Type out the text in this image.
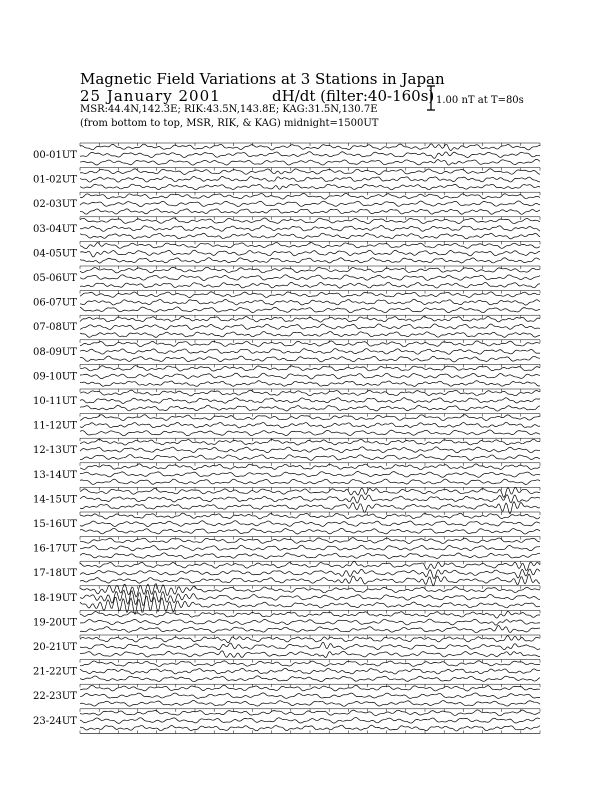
Magnetic Field Variations at 3 Stations in Japan
25 January 2001	dH/dt (filter:40-160s)
MSR:44.4N,142.3E; RIK:43.5N,143.8E; KAG:31.5N,130.7E
(from bottom to top, MSR, RIK, & KAG) midnight=1500UT
1.00 nT at T=80s
00-01UT
01-02UT
02-03UT
03-04UT
04-05UT
05-06UT
06-07UT
07-08UT
08-09UT
09-10UT
10-11UT
11-12UT
12-13UT
13-14UT
14-15UT
15-16UT
16-17UT
17-18UT
18-19UT
19-20UT
20-21UT
21-22UT
22-23UT
23-24UT
